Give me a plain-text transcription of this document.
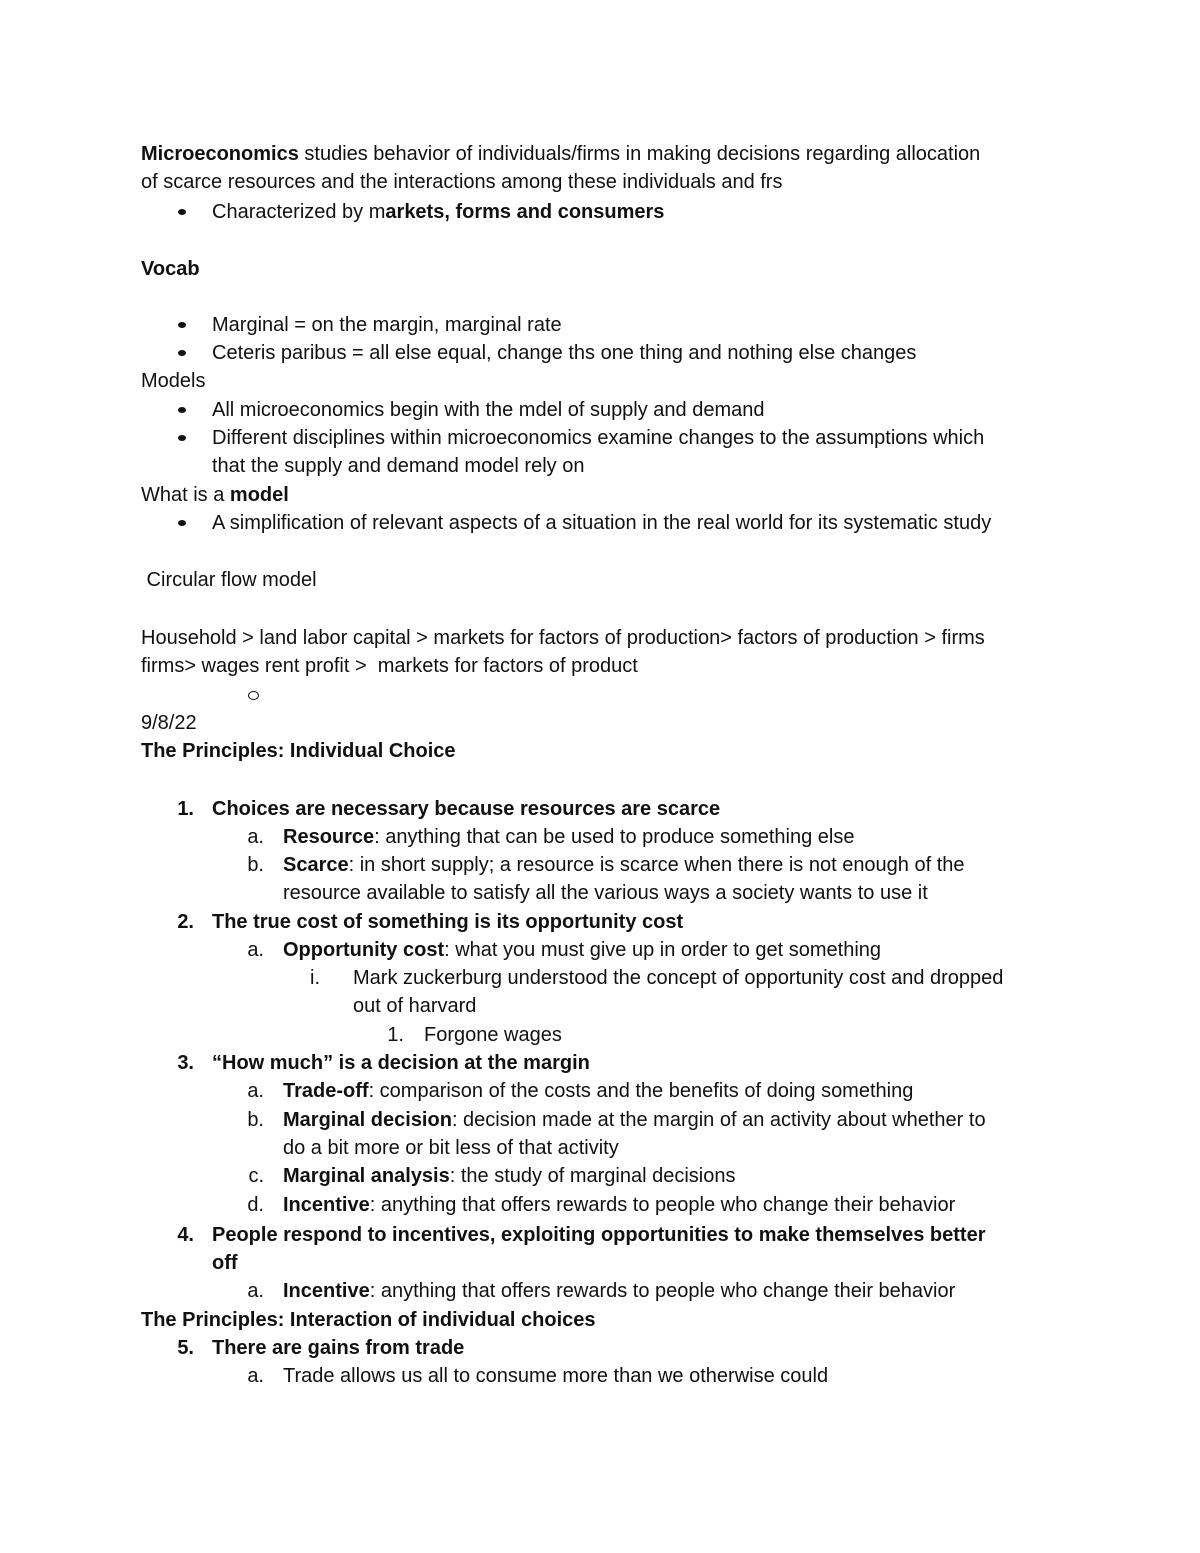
Microeconomics studies behavior of individuals/firms in making decisions regarding allocation
of scarce resources and the interactions among these individuals and frs
Characterized by markets, forms and consumers
Vocab
Marginal = on the margin, marginal rate
Ceteris paribus = all else equal, change ths one thing and nothing else changes
Models
All microeconomics begin with the mdel of supply and demand
Different disciplines within microeconomics examine changes to the assumptions which
that the supply and demand model rely on
What is a model
A simplification of relevant aspects of a situation in the real world for its systematic study
Circular flow model
Household > land labor capital > markets for factors of production> factors of production > firms
firms> wages rent profit >  markets for factors of product
9/8/22
The Principles: Individual Choice
1. Choices are necessary because resources are scarce
a. Resource: anything that can be used to produce something else
b. Scarce: in short supply; a resource is scarce when there is not enough of the
resource available to satisfy all the various ways a society wants to use it
2. The true cost of something is its opportunity cost
a. Opportunity cost: what you must give up in order to get something
i. Mark zuckerburg understood the concept of opportunity cost and dropped
out of harvard
1. Forgone wages
3. “How much” is a decision at the margin
a. Trade-off: comparison of the costs and the benefits of doing something
b. Marginal decision: decision made at the margin of an activity about whether to
do a bit more or bit less of that activity
c. Marginal analysis: the study of marginal decisions
d. Incentive: anything that offers rewards to people who change their behavior
4. People respond to incentives, exploiting opportunities to make themselves better
off
a. Incentive: anything that offers rewards to people who change their behavior
The Principles: Interaction of individual choices
5. There are gains from trade
a. Trade allows us all to consume more than we otherwise could
